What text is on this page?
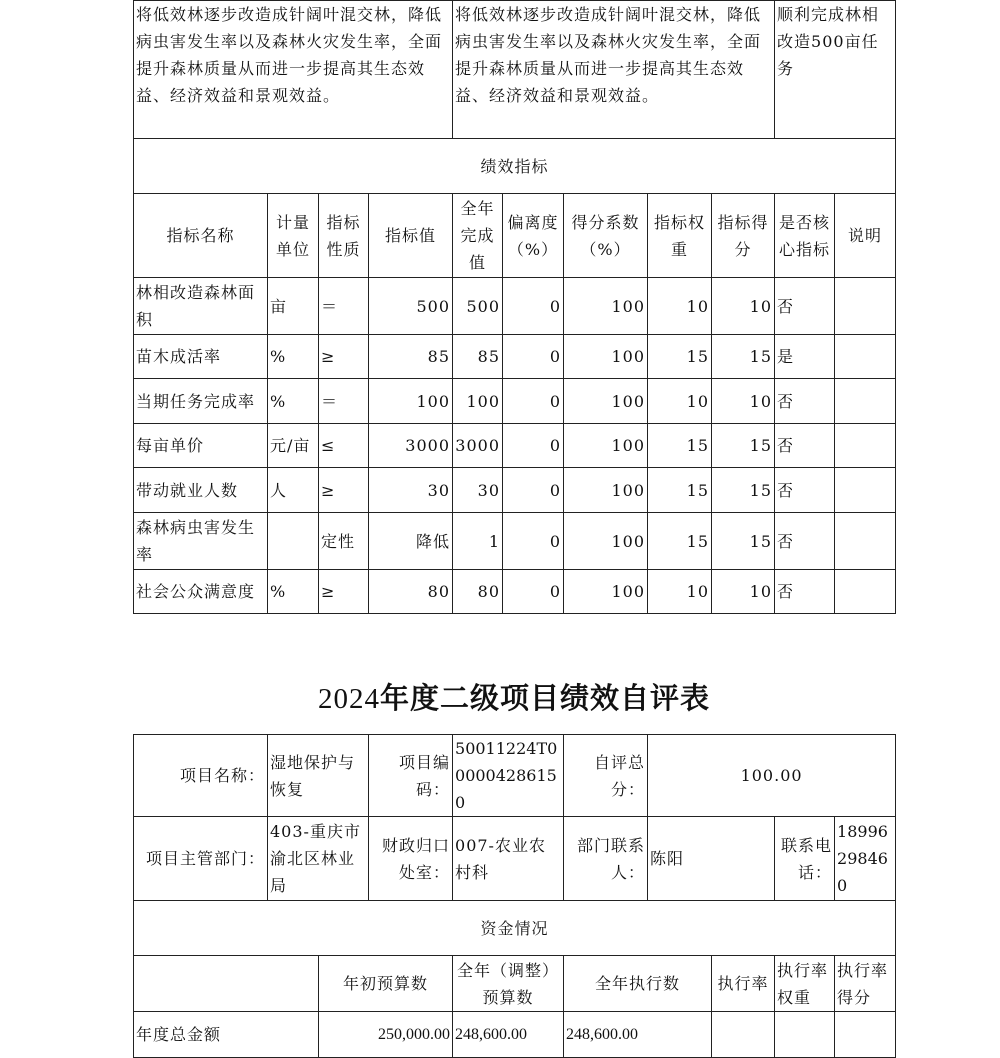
将低效林逐步改造成针阔叶混交林，降低病虫害发生率以及森林火灾发生率，全面提升森林质量从而进一步提高其生态效益、经济效益和景观效益。				将低效林逐步改造成针阔叶混交林，降低病虫害发生率以及森林火灾发生率，全面提升森林质量从而进一步提高其生态效益、经济效益和景观效益。					顺利完成林相改造500亩任务	
绩效指标										
指标名称	计量单位	指标性质	指标值	全年完成值	偏离度（%）	得分系数（%）	指标权重	指标得分	是否核心指标	说明
林相改造森林面积	亩	＝	500	500	0	100	10	10	否	
苗木成活率	%	≥	85	85	0	100	15	15	是	
当期任务完成率	%	＝	100	100	0	100	10	10	否	
每亩单价	元/亩	≤	3000	3000	0	100	15	15	否	
带动就业人数	人	≥	30	30	0	100	15	15	否	
森林病虫害发生率		定性	降低	1	0	100	15	15	否	
社会公众满意度	%	≥	80	80	0	100	10	10	否	
2024年度二级项目绩效自评表
项目名称：	湿地保护与恢复		项目编码：	50011224T000004286150	自评总分：	100.00			
项目主管部门：	403-重庆市渝北区林业局		财政归口处室：	007-农业农村科	部门联系人：	陈阳		联系电话：	18996298460
资金情况									
		年初预算数		全年（调整）预算数	全年执行数		执行率	执行率权重	执行率得分
年度总金额		250,000.00		248,600.00	248,600.00				
